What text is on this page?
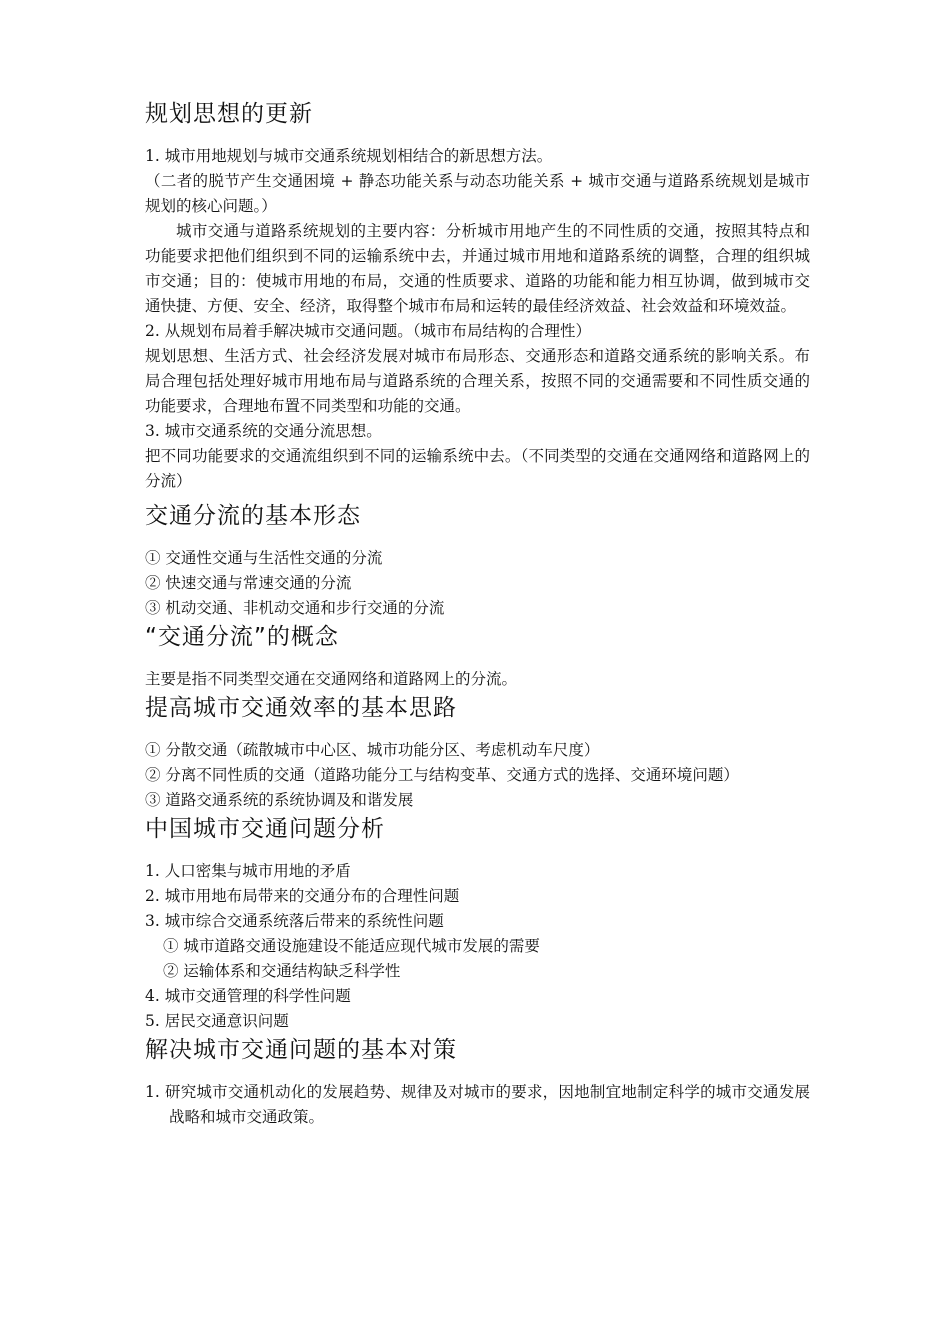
规划思想的更新

1. 城市用地规划与城市交通系统规划相结合的新思想方法。

（二者的脱节产生交通困境 + 静态功能关系与动态功能关系 + 城市交通与道路系统规划是城市规划的核心问题。）

城市交通与道路系统规划的主要内容：分析城市用地产生的不同性质的交通，按照其特点和功能要求把他们组织到不同的运输系统中去，并通过城市用地和道路系统的调整，合理的组织城市交通；目的：使城市用地的布局，交通的性质要求、道路的功能和能力相互协调，做到城市交通快捷、方便、安全、经济，取得整个城市布局和运转的最佳经济效益、社会效益和环境效益。

2. 从规划布局着手解决城市交通问题。（城市布局结构的合理性）

规划思想、生活方式、社会经济发展对城市布局形态、交通形态和道路交通系统的影响关系。布局合理包括处理好城市用地布局与道路系统的合理关系，按照不同的交通需要和不同性质交通的功能要求，合理地布置不同类型和功能的交通。

3. 城市交通系统的交通分流思想。

把不同功能要求的交通流组织到不同的运输系统中去。（不同类型的交通在交通网络和道路网上的分流）

交通分流的基本形态

① 交通性交通与生活性交通的分流

② 快速交通与常速交通的分流

③ 机动交通、非机动交通和步行交通的分流

“交通分流”的概念

主要是指不同类型交通在交通网络和道路网上的分流。

提高城市交通效率的基本思路

① 分散交通（疏散城市中心区、城市功能分区、考虑机动车尺度）

② 分离不同性质的交通（道路功能分工与结构变革、交通方式的选择、交通环境问题）

③ 道路交通系统的系统协调及和谐发展

中国城市交通问题分析

1. 人口密集与城市用地的矛盾

2. 城市用地布局带来的交通分布的合理性问题

3. 城市综合交通系统落后带来的系统性问题

① 城市道路交通设施建设不能适应现代城市发展的需要

② 运输体系和交通结构缺乏科学性

4. 城市交通管理的科学性问题

5. 居民交通意识问题

解决城市交通问题的基本对策

1. 研究城市交通机动化的发展趋势、规律及对城市的要求，因地制宜地制定科学的城市交通发展战略和城市交通政策。
